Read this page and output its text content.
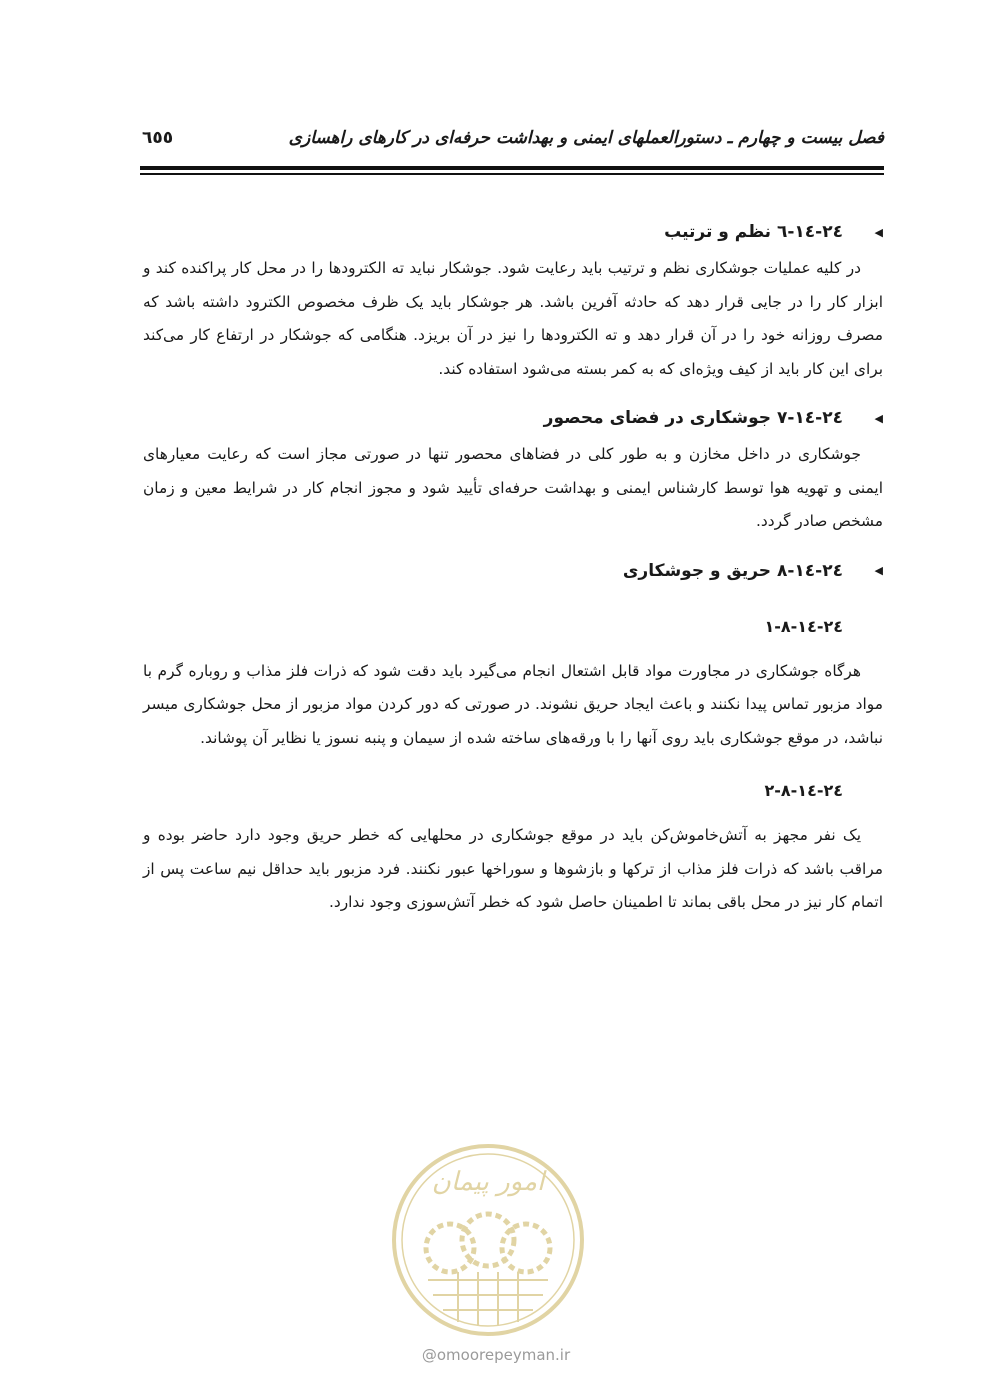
فصل بیست و چهارم ـ دستورالعملهای ایمنی و بهداشت حرفه‌ای در کارهای راهسازی
٦٥٥
◀
٢٤-١٤-٦ نظم و ترتیب

در کلیه عملیات جوشکاری نظم و ترتیب باید رعایت شود. جوشکار نباید ته الکترودها را در محل کار پراکنده کند و ابزار کار را در جایی قرار دهد که حادثه آفرین باشد. هر جوشکار باید یک ظرف مخصوص الکترود داشته باشد که مصرف روزانه خود را در آن قرار دهد و ته الکترودها را نیز در آن بریزد. هنگامی که جوشکار در ارتفاع کار می‌کند برای این کار باید از کیف ویژه‌ای که به کمر بسته می‌شود استفاده کند.

◀
٢٤-١٤-٧ جوشکاری در فضای محصور

جوشکاری در داخل مخازن و به طور کلی در فضاهای محصور تنها در صورتی مجاز است که رعایت معیارهای ایمنی و تهویه هوا توسط کارشناس ایمنی و بهداشت حرفه‌ای تأیید شود و مجوز انجام کار در شرایط معین و زمان مشخص صادر گردد.

◀
٢٤-١٤-٨ حریق و جوشکاری
٢٤-١٤-٨-١

هرگاه جوشکاری در مجاورت مواد قابل اشتعال انجام می‌گیرد باید دقت شود که ذرات فلز مذاب و روباره گرم با مواد مزبور تماس پیدا نکنند و باعث ایجاد حریق نشوند. در صورتی که دور کردن مواد مزبور از محل جوشکاری میسر نباشد، در موقع جوشکاری باید روی آنها را با ورقه‌های ساخته شده از سیمان و پنبه نسوز یا نظایر آن پوشاند.

٢٤-١٤-٨-٢

یک نفر مجهز به آتش‌خاموش‌کن باید در موقع جوشکاری در محلهایی که خطر حریق وجود دارد حاضر بوده و مراقب باشد که ذرات فلز مذاب از ترکها و بازشوها و سوراخها عبور نکنند. فرد مزبور باید حداقل نیم ساعت پس از اتمام کار نیز در محل باقی بماند تا اطمینان حاصل شود که خطر آتش‌سوزی وجود ندارد.

امور پیمان
@omoorepeyman.ir
